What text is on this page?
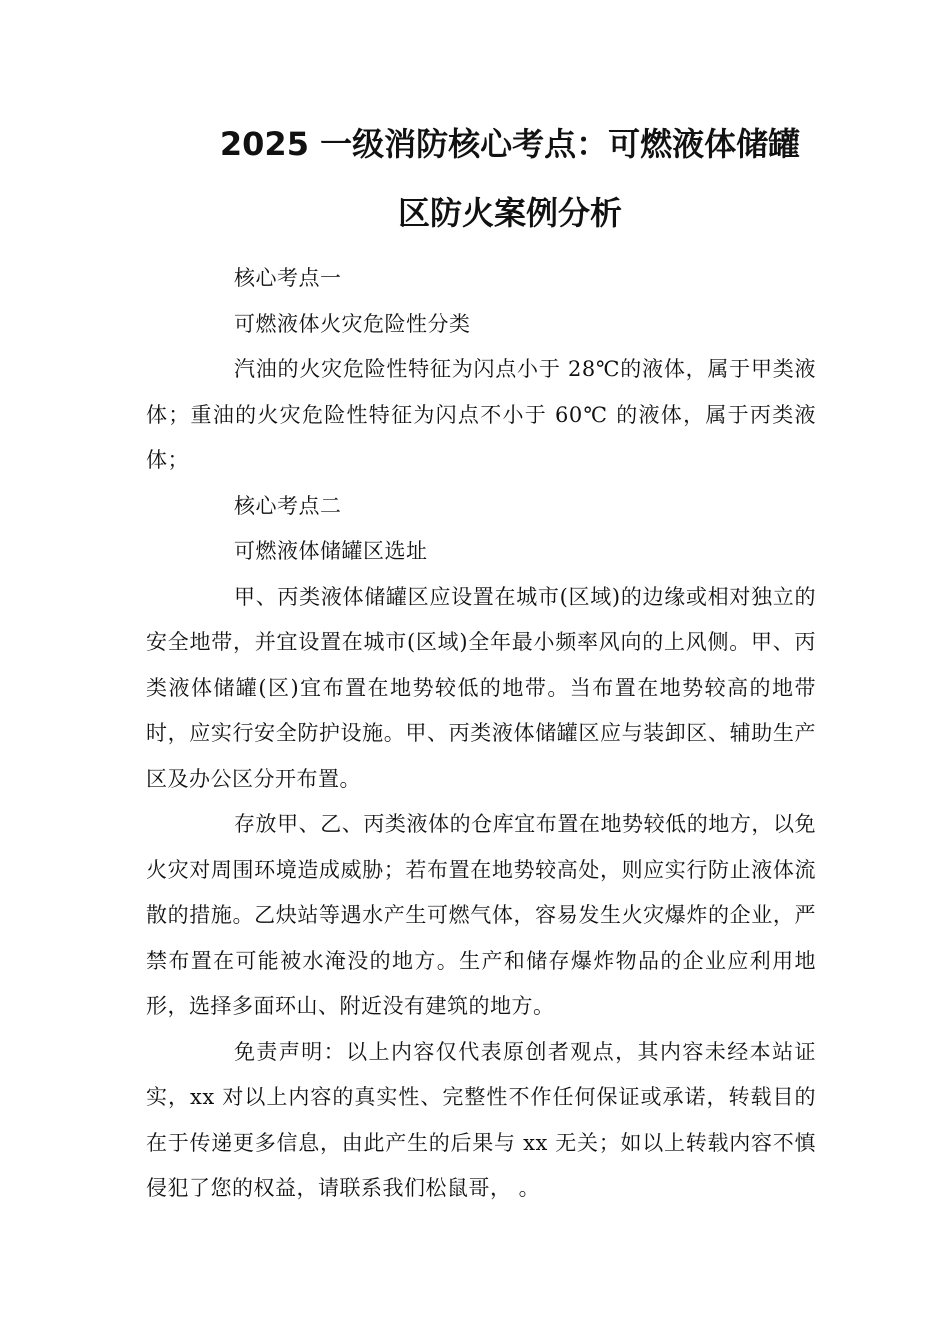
2025 一级消防核心考点：可燃液体储罐
区防火案例分析

核心考点一

可燃液体火灾危险性分类

汽油的火灾危险性特征为闪点小于 28℃的液体，属于甲类液体；重油的火灾危险性特征为闪点不小于 60℃ 的液体，属于丙类液体；

核心考点二

可燃液体储罐区选址

甲、丙类液体储罐区应设置在城市(区域)的边缘或相对独立的安全地带，并宜设置在城市(区域)全年最小频率风向的上风侧。甲、丙类液体储罐(区)宜布置在地势较低的地带。当布置在地势较高的地带时，应实行安全防护设施。甲、丙类液体储罐区应与装卸区、辅助生产区及办公区分开布置。

存放甲、乙、丙类液体的仓库宜布置在地势较低的地方，以免火灾对周围环境造成威胁；若布置在地势较高处，则应实行防止液体流散的措施。乙炔站等遇水产生可燃气体，容易发生火灾爆炸的企业，严禁布置在可能被水淹没的地方。生产和储存爆炸物品的企业应利用地形，选择多面环山、附近没有建筑的地方。

免责声明：以上内容仅代表原创者观点，其内容未经本站证实，xx 对以上内容的真实性、完整性不作任何保证或承诺，转载目的在于传递更多信息，由此产生的后果与 xx 无关；如以上转载内容不慎侵犯了您的权益，请联系我们松鼠哥， 。
